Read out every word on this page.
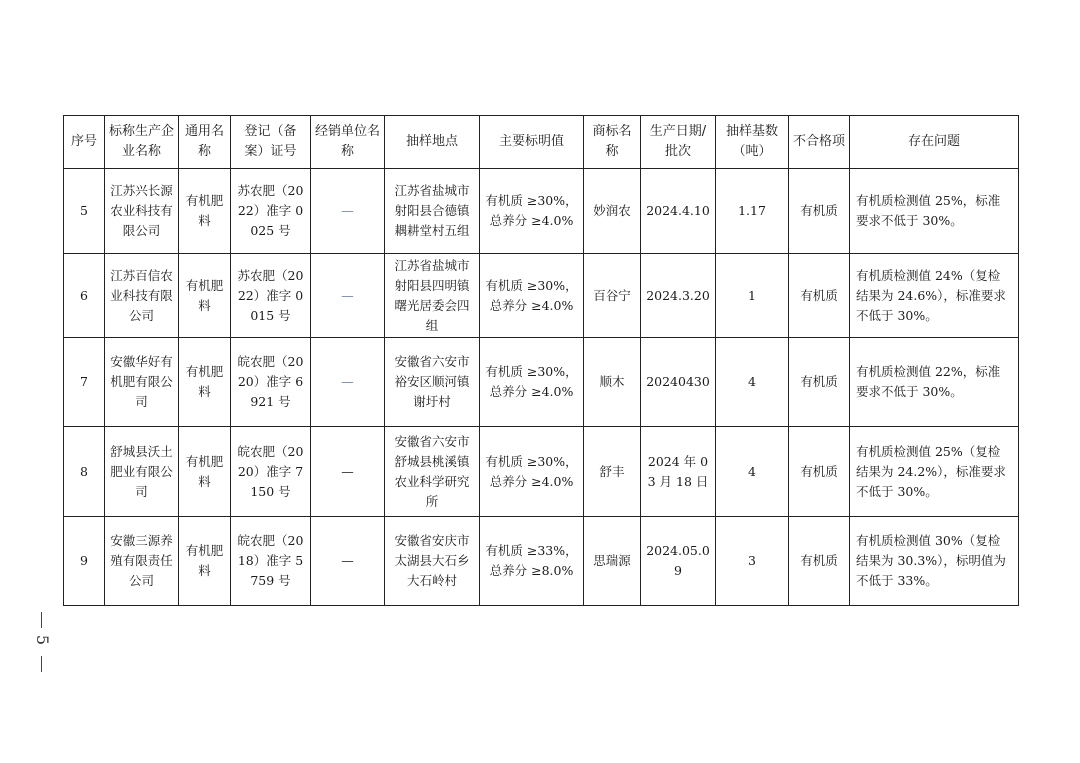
序号	标称生产企业名称	通用名称	登记（备案）证号	经销单位名称	抽样地点	主要标明值	商标名称	生产日期/批次	抽样基数（吨）	不合格项	存在问题
5	江苏兴长源农业科技有限公司	有机肥料	苏农肥（2022）准字 0025 号	—	江苏省盐城市射阳县合德镇耦耕堂村五组	有机质 ≥30%，总养分 ≥4.0%	妙润农	2024.4.10	1.17	有机质	有机质检测值 25%，标准要求不低于 30%。
6	江苏百信农业科技有限公司	有机肥料	苏农肥（2022）准字 0015 号	—	江苏省盐城市射阳县四明镇曙光居委会四组	有机质 ≥30%，总养分 ≥4.0%	百谷宁	2024.3.20	1	有机质	有机质检测值 24%（复检结果为 24.6%），标准要求不低于 30%。
7	安徽华好有机肥有限公司	有机肥料	皖农肥（2020）准字 6921 号	—	安徽省六安市裕安区顺河镇谢圩村	有机质 ≥30%，总养分 ≥4.0%	顺木	20240430	4	有机质	有机质检测值 22%，标准要求不低于 30%。
8	舒城县沃土肥业有限公司	有机肥料	皖农肥（2020）准字 7150 号	—	安徽省六安市舒城县桃溪镇农业科学研究所	有机质 ≥30%，总养分 ≥4.0%	舒丰	2024 年 03 月 18 日	4	有机质	有机质检测值 25%（复检结果为 24.2%），标准要求不低于 30%。
9	安徽三源养殖有限责任公司	有机肥料	皖农肥（2018）准字 5759 号	—	安徽省安庆市太湖县大石乡大石岭村	有机质 ≥33%，总养分 ≥8.0%	思瑞源	2024.05.09	3	有机质	有机质检测值 30%（复检结果为 30.3%），标明值为不低于 33%。
5
